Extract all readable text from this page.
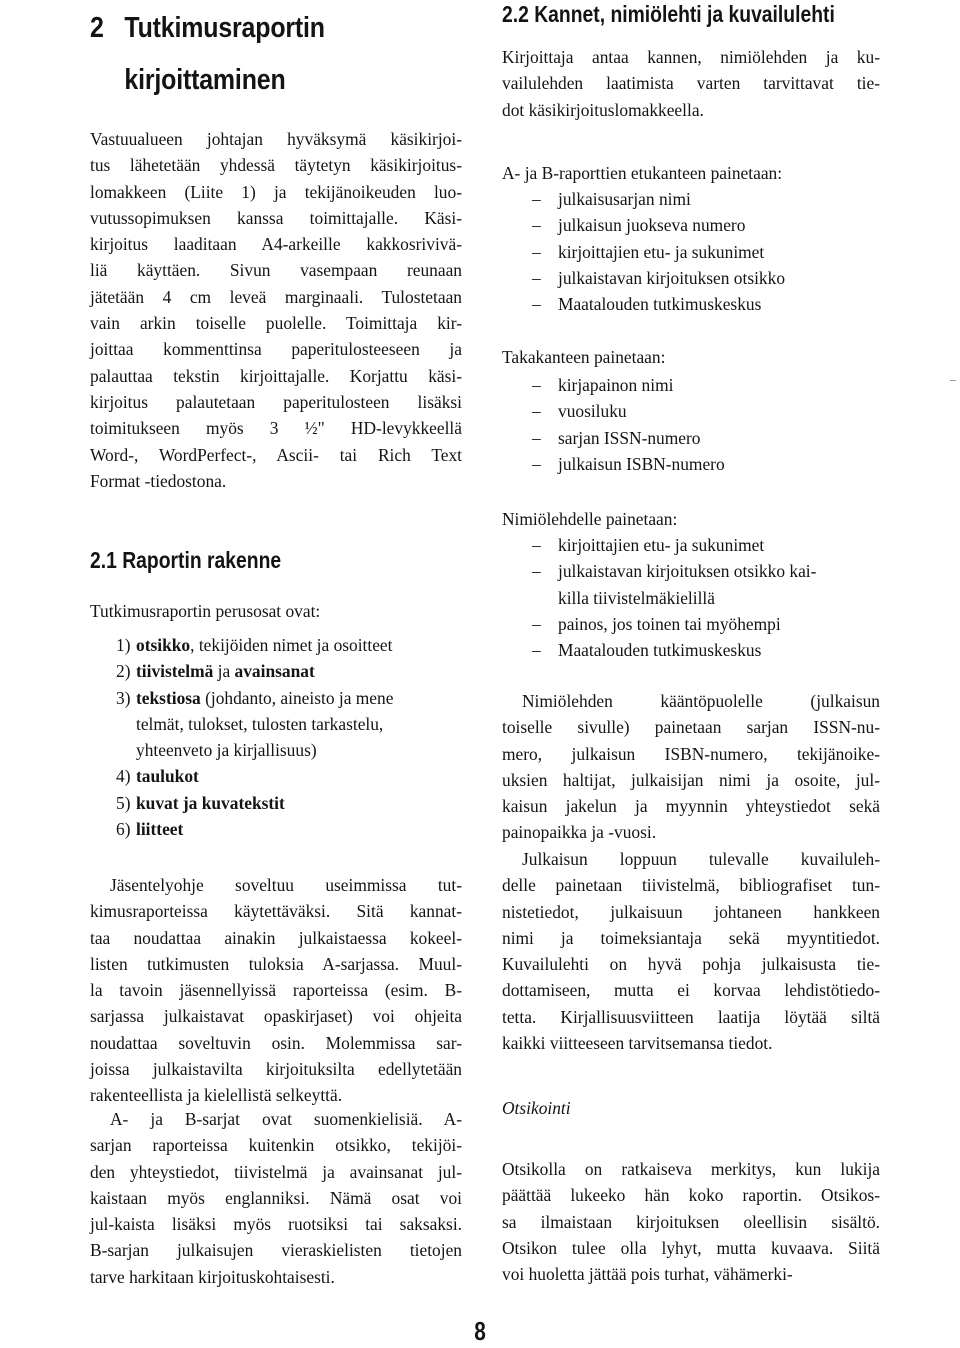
2 Tutkimusraportin
kirjoittaminen
Vastuualueen johtajan hyväksymä käsikirjoi-
tus lähetetään yhdessä täytetyn käsikirjoitus-
lomakkeen (Liite 1) ja tekijänoikeuden luo-
vutussopimuksen kanssa toimittajalle. Käsi-
kirjoitus laaditaan A4-arkeille kakkosrivivä-
liä käyttäen. Sivun vasempaan reunaan
jätetään 4 cm leveä marginaali. Tulostetaan
vain arkin toiselle puolelle. Toimittaja kir-
joittaa kommenttinsa paperitulosteeseen ja
palauttaa tekstin kirjoittajalle. Korjattu käsi-
kirjoitus palautetaan paperitulosteen lisäksi
toimitukseen myös 3 ½" HD-levykkeellä
Word-, WordPerfect-, Ascii- tai Rich Text
Format -tiedostona.
2.1 Raportin rakenne

Tutkimusraportin perusosat ovat:

1) otsikko, tekijöiden nimet ja osoitteet
2) tiivistelmä ja avainsanat
3) tekstiosa (johdanto, aineisto ja mene
telmät, tulokset, tulosten tarkastelu,
yhteenveto ja kirjallisuus)
4) taulukot
5) kuvat ja kuvatekstit
6) liitteet
Jäsentelyohje soveltuu useimmissa tut-
kimusraporteissa käytettäväksi. Sitä kannat-
taa noudattaa ainakin julkaistaessa kokeel-
listen tutkimusten tuloksia A-sarjassa. Muul-
la tavoin jäsennellyissä raporteissa (esim. B-
sarjassa julkaistavat opaskirjaset) voi ohjeita
noudattaa soveltuvin osin. Molemmissa sar-
joissa julkaistavilta kirjoituksilta edellytetään
rakenteellista ja kielellistä selkeyttä.
A- ja B-sarjat ovat suomenkielisiä. A-
sarjan raporteissa kuitenkin otsikko, tekijöi-
den yhteystiedot, tiivistelmä ja avainsanat jul-
kaistaan myös englanniksi. Nämä osat voi
jul-kaista lisäksi myös ruotsiksi tai saksaksi.
B-sarjan julkaisujen vieraskielisten tietojen
tarve harkitaan kirjoituskohtaisesti.
2.2 Kannet, nimiölehti ja kuvailulehti
Kirjoittaja antaa kannen, nimiölehden ja ku-
vailulehden laatimista varten tarvittavat tie-
dot käsikirjoituslomakkeella.

A- ja B-raporttien etukanteen painetaan:

– julkaisusarjan nimi
– julkaisun juokseva numero
– kirjoittajien etu- ja sukunimet
– julkaistavan kirjoituksen otsikko
– Maatalouden tutkimuskeskus

Takakanteen painetaan:

– kirjapainon nimi
– vuosiluku
– sarjan ISSN-numero
– julkaisun ISBN-numero

Nimiölehdelle painetaan:

– kirjoittajien etu- ja sukunimet
– julkaistavan kirjoituksen otsikko kai-
killa tiivistelmäkielillä
– painos, jos toinen tai myöhempi
– Maatalouden tutkimuskeskus
Nimiölehden kääntöpuolelle (julkaisun
toiselle sivulle) painetaan sarjan ISSN-nu-
mero, julkaisun ISBN-numero, tekijänoike-
uksien haltijat, julkaisijan nimi ja osoite, jul-
kaisun jakelun ja myynnin yhteystiedot sekä
painopaikka ja -vuosi.
Julkaisun loppuun tulevalle kuvailuleh-
delle painetaan tiivistelmä, bibliografiset tun-
nistetiedot, julkaisuun johtaneen hankkeen
nimi ja toimeksiantaja sekä myyntitiedot.
Kuvailulehti on hyvä pohja julkaisusta tie-
dottamiseen, mutta ei korvaa lehdistötiedo-
tetta. Kirjallisuusviitteen laatija löytää siltä
kaikki viitteeseen tarvitsemansa tiedot.

Otsikointi

Otsikolla on ratkaiseva merkitys, kun lukija
päättää lukeeko hän koko raportin. Otsikos-
sa ilmaistaan kirjoituksen oleellisin sisältö.
Otsikon tulee olla lyhyt, mutta kuvaava. Siitä
voi huoletta jättää pois turhat, vähämerki-
8
